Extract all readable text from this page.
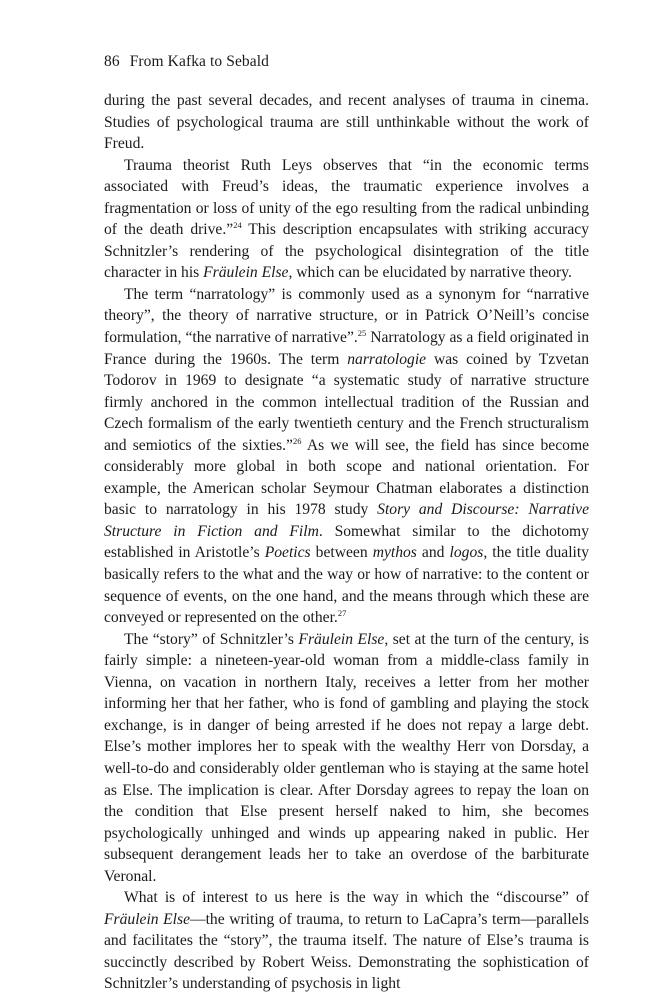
86 From Kafka to Sebald

during the past several decades, and recent analyses of trauma in cinema. Studies of psychological trauma are still unthinkable without the work of Freud.

Trauma theorist Ruth Leys observes that “in the economic terms associated with Freud’s ideas, the traumatic experience involves a fragmentation or loss of unity of the ego resulting from the radical unbinding of the death drive.”$^{24}$ This description encapsulates with striking accuracy Schnitzler’s rendering of the psychological disintegration of the title character in his Fräulein Else, which can be elucidated by narrative theory.

The term “narratology” is commonly used as a synonym for “narrative theory”, the theory of narrative structure, or in Patrick O’Neill’s concise formulation, “the narrative of narrative”.$^{25}$ Narratology as a field originated in France during the 1960s. The term narratologie was coined by Tzvetan Todorov in 1969 to designate “a systematic study of narrative structure firmly anchored in the common intellectual tradition of the Russian and Czech formalism of the early twentieth century and the French structuralism and semiotics of the sixties.”$^{26}$ As we will see, the field has since become considerably more global in both scope and national orientation. For example, the American scholar Seymour Chatman elaborates a distinction basic to narratology in his 1978 study Story and Discourse: Narrative Structure in Fiction and Film. Somewhat similar to the dichotomy established in Aristotle’s Poetics between mythos and logos, the title duality basically refers to the what and the way or how of narrative: to the content or sequence of events, on the one hand, and the means through which these are conveyed or represented on the other.$^{27}$

The “story” of Schnitzler’s Fräulein Else, set at the turn of the century, is fairly simple: a nineteen-year-old woman from a middle-class family in Vienna, on vacation in northern Italy, receives a letter from her mother informing her that her father, who is fond of gambling and playing the stock exchange, is in danger of being arrested if he does not repay a large debt. Else’s mother implores her to speak with the wealthy Herr von Dorsday, a well-to-do and considerably older gentleman who is staying at the same hotel as Else. The implication is clear. After Dorsday agrees to repay the loan on the condition that Else present herself naked to him, she becomes psychologically unhinged and winds up appearing naked in public. Her subsequent derangement leads her to take an overdose of the barbiturate Veronal.

What is of interest to us here is the way in which the “discourse” of Fräulein Else—the writing of trauma, to return to LaCapra’s term—parallels and facilitates the “story”, the trauma itself. The nature of Else’s trauma is succinctly described by Robert Weiss. Demonstrating the sophistication of Schnitzler’s understanding of psychosis in light
